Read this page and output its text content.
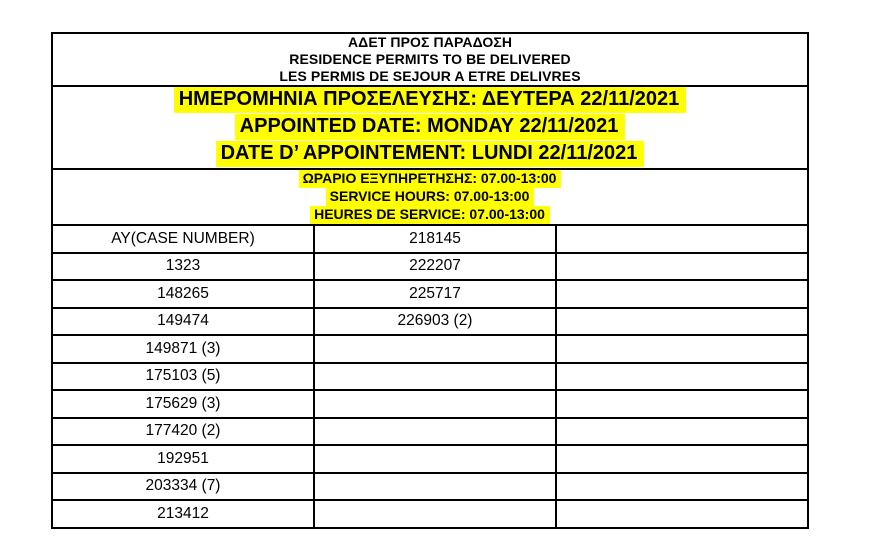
ΑΔΕΤ ΠΡΟΣ ΠΑΡΑΔΟΣΗ
RESIDENCE PERMITS TO BE DELIVERED
LES PERMIS DE SEJOUR A ETRE DELIVRES		

ΗΜΕΡΟΜΗΝΙΑ ΠΡΟΣΕΛΕΥΣΗΣ: ΔΕΥΤΕΡΑ 22/11/2021
APPOINTED DATE: MONDAY 22/11/2021
DATE D’ APPOINTEMENT: LUNDI 22/11/2021		

ΩΡΑΡΙΟ ΕΞΥΠΗΡΕΤΗΣΗΣ: 07.00-13:00
SERVICE HOURS: 07.00-13:00
HEURES DE SERVICE: 07.00-13:00		

AY(CASE NUMBER)	218145	
1323	222207	
148265	225717	
149474	226903 (2)	
149871 (3)		
175103 (5)		
175629 (3)		
177420 (2)		
192951		
203334 (7)		
213412		
